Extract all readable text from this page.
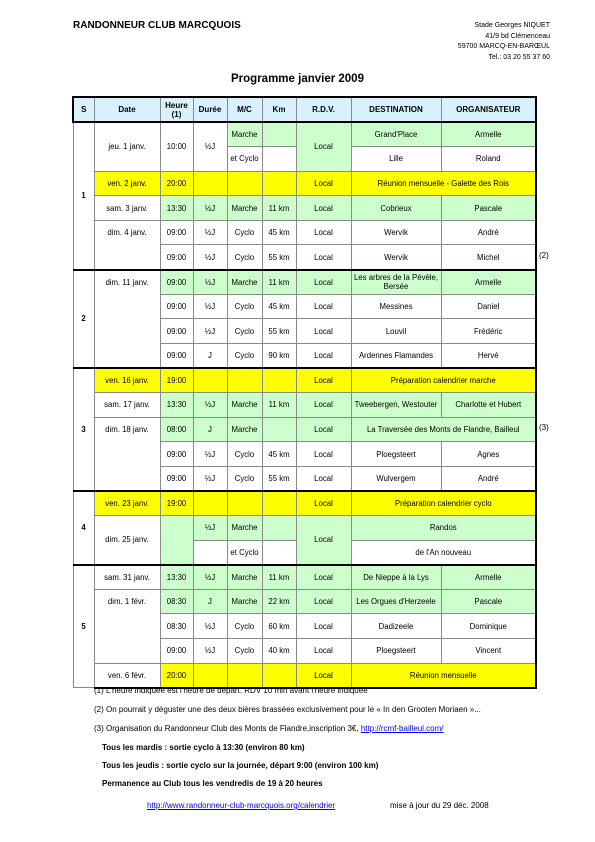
RANDONNEUR CLUB MARCQUOIS	Stade Georges NIQUET
41/9 bd Clémenceau
59700 MARCQ-EN-BARŒUL
Tel.: 03 20 55 37 60
Programme janvier 2009
S	Date	Heure (1)	Durée	M/C	Km	R.D.V.	DESTINATION	ORGANISATEUR
1	jeu. 1 janv.	10:00	½J	Marche		Local	Grand'Place	Armelle
				et Cyclo			Lille	Roland
	ven. 2 janv.	20:00				Local	Réunion mensuelle - Galette des Rois	
	sam. 3 janv.	13:30	½J	Marche	11 km	Local	Cobrieux	Pascale
	dim. 4 janv.	09:00	½J	Cyclo	45 km	Local	Wervik	André
		09:00	½J	Cyclo	55 km	Local	Wervik	Michel
2	dim. 11 janv.	09:00	½J	Marche	11 km	Local	Les arbres de la Pévèle, Bersée	Armelle
		09:00	½J	Cyclo	45 km	Local	Messines	Daniel
		09:00	½J	Cyclo	55 km	Local	Louvil	Frédéric
		09:00	J	Cyclo	90 km	Local	Ardennes Flamandes	Hervé
3	ven. 16 janv.	19:00				Local	Préparation calendrier marche	
	sam. 17 janv.	13:30	½J	Marche	11 km	Local	Tweebergen, Westouter	Charlotte et Hubert
	dim. 18 janv.	08:00	J	Marche		Local	La Traversée des Monts de Flandre, Bailleul	
		09:00	½J	Cyclo	45 km	Local	Ploegsteert	Agnes
		09:00	½J	Cyclo	55 km	Local	Wulvergem	André
4	ven. 23 janv.	19:00				Local	Préparation calendrier cyclo	
	dim. 25 janv.		½J	Marche		Local	Randos	
				et Cyclo			de l'An nouveau	
5	sam. 31 janv.	13:30	½J	Marche	11 km	Local	De Nieppe à la Lys	Armelle
	dim. 1 févr.	08:30	J	Marche	22 km	Local	Les Orgues d'Herzeele	Pascale
		08:30	½J	Cyclo	60 km	Local	Dadizeele	Dominique
		09:00	½J	Cyclo	40 km	Local	Ploegsteert	Vincent
	ven. 6 févr.	20:00				Local	Réunion mensuelle	
(2)
(3)
(1) L'heure indiquée est l'heure de départ. RDV 10 min avant l'heure indiquée
(2) On pourrait y déguster une des deux bières brassées exclusivement pour le « In den Grooten Moriaen »...
(3) Organisation du Randonneur Club des Monts de Flandre,inscription 3€, http://rcmf-bailleul.com/
Tous les mardis : sortie cyclo à 13:30 (environ 80 km)
Tous les jeudis : sortie cyclo sur la journée, départ 9:00 (environ 100 km)
Permanence au Club tous les vendredis de 19 à 20 heures
http://www.randonneur-club-marcquois.org/calendrier	mise à jour du 29 déc. 2008
